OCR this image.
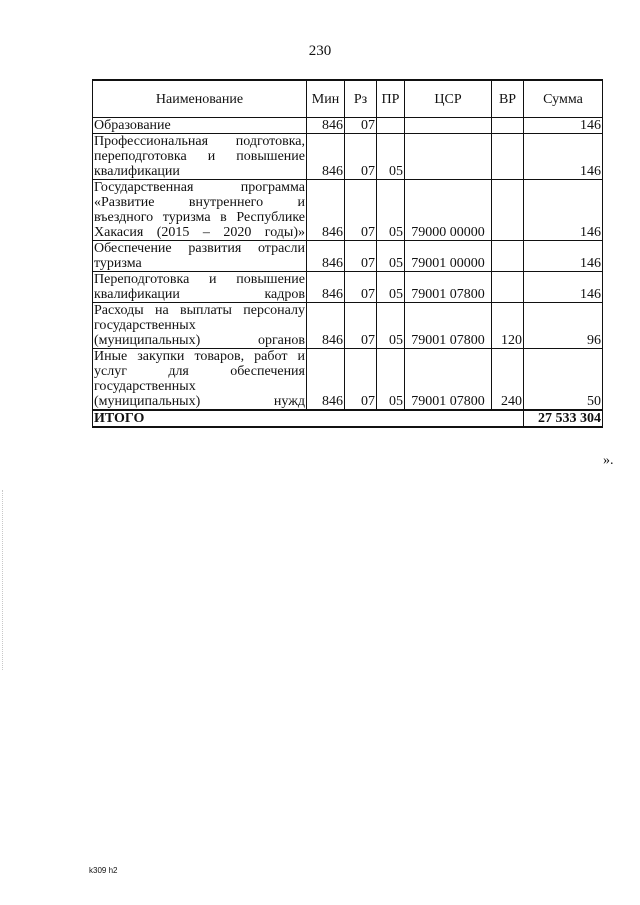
230
Наименование	Мин	Рз	ПР	ЦСР	ВР	Сумма
Образование	846	07				146
Профессиональная подготовка, переподготовка и повышение квалификации	846	07	05			146
Государственная программа «Развитие внутреннего и въездного туризма в Республике Хакасия (2015 – 2020 годы)»	846	07	05	79000 00000		146
Обеспечение развития отрасли туризма	846	07	05	79001 00000		146
Переподготовка и повышение квалификации кадров	846	07	05	79001 07800		146
Расходы на выплаты персоналу государственных (муниципальных) органов	846	07	05	79001 07800	120	96
Иные закупки товаров, работ и услуг для обеспечения государственных (муниципальных) нужд	846	07	05	79001 07800	240	50
ИТОГО						27 533 304
».
k309 h2
